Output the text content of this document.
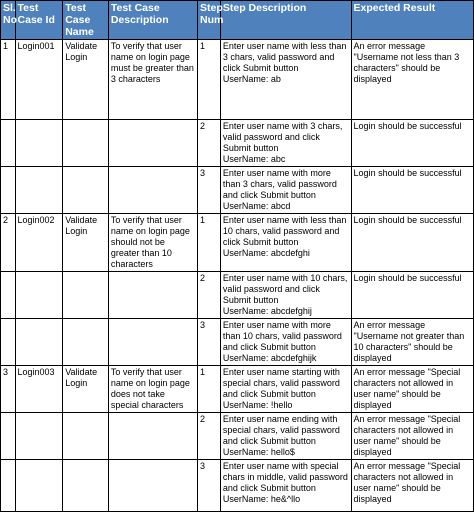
Sl. No	Test Case Id	Test Case Name	Test Case Description	Step Num	Step Description	Expected Result
1	Login001	Validate Login	To verify that user name on login page must be greater than 3 characters	1	Enter user name with less than 3 chars, valid password and click Submit button
UserName: ab	An error message "Username not less than 3 characters" should be displayed
				2	Enter user name with 3 chars, valid password and click Submit button
UserName: abc	Login should be successful
				3	Enter user name with more than 3 chars, valid password and click Submit button
UserName: abcd	Login should be successful
2	Login002	Validate Login	To verify that user name on login page should not be greater than 10 characters	1	Enter user name with less than 10 chars, valid password and click Submit button
UserName: abcdefghi	Login should be successful
				2	Enter user name with 10 chars, valid password and click Submit button
UserName: abcdefghij	Login should be successful
				3	Enter user name with more than 10 chars, valid password and click Submit button
UserName: abcdefghijk	An error message "Username not greater than 10 characters" should be displayed
3	Login003	Validate Login	To verify that user name on login page does not take special characters	1	Enter user name starting with special chars, valid password and click Submit button
UserName: !hello	An error message "Special characters not allowed in user name" should be displayed
				2	Enter user name ending with special chars, valid password and click Submit button
UserName: hello$	An error message "Special characters not allowed in user name" should be displayed
				3	Enter user name with special chars in middle, valid password and click Submit button
UserName: he&^llo	An error message "Special characters not allowed in user name" should be displayed
